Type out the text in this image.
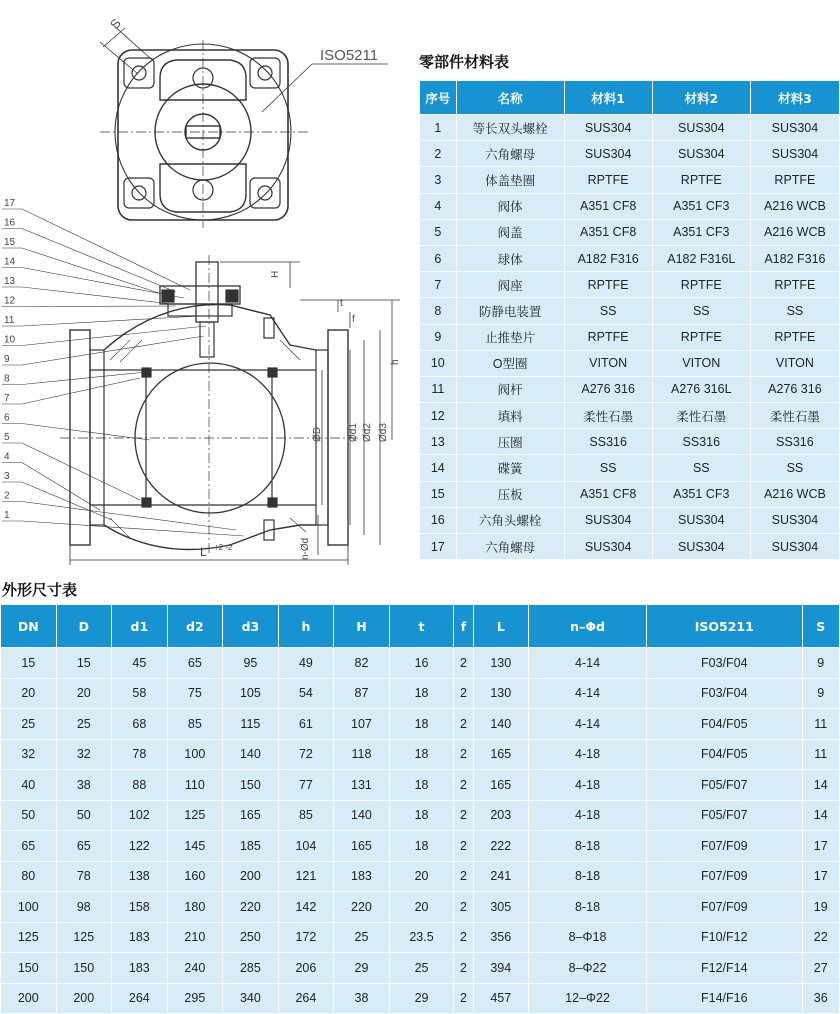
ISO5211
S
H
h
t
f
ØD	Ød1 Ød2 Ød3
n-Ød
L
17
16
15
14
13
12
11
10
9
8
7
6
5
4
3
2
1
+2 -2
零部件材料表
序号	名称	材料1	材料2	材料3
1	等长双头螺栓	SUS304	SUS304	SUS304
2	六角螺母	SUS304	SUS304	SUS304
3	体盖垫圈	RPTFE	RPTFE	RPTFE
4	阀体	A351 CF8	A351 CF3	A216 WCB
5	阀盖	A351 CF8	A351 CF3	A216 WCB
6	球体	A182 F316	A182 F316L	A182 F316
7	阀座	RPTFE	RPTFE	RPTFE
8	防静电装置	SS	SS	SS
9	止推垫片	RPTFE	RPTFE	RPTFE
10	O型圈	VITON	VITON	VITON
11	阀杆	A276 316	A276 316L	A276 316
12	填料	柔性石墨	柔性石墨	柔性石墨
13	压圈	SS316	SS316	SS316
14	碟簧	SS	SS	SS
15	压板	A351 CF8	A351 CF3	A216 WCB
16	六角头螺栓	SUS304	SUS304	SUS304
17	六角螺母	SUS304	SUS304	SUS304
外形尺寸表
DN	D	d1	d2	d3	h	H	t	f	L	n–Φd	ISO5211	S
15	15	45	65	95	49	82	16	2	130	4-14	F03/F04	9
20	20	58	75	105	54	87	18	2	130	4-14	F03/F04	9
25	25	68	85	115	61	107	18	2	140	4-14	F04/F05	11
32	32	78	100	140	72	118	18	2	165	4-18	F04/F05	11
40	38	88	110	150	77	131	18	2	165	4-18	F05/F07	14
50	50	102	125	165	85	140	18	2	203	4-18	F05/F07	14
65	65	122	145	185	104	165	18	2	222	8-18	F07/F09	17
80	78	138	160	200	121	183	20	2	241	8-18	F07/F09	17
100	98	158	180	220	142	220	20	2	305	8-18	F07/F09	19
125	125	183	210	250	172	25	23.5	2	356	8–Φ18	F10/F12	22
150	150	183	240	285	206	29	25	2	394	8–Φ22	F12/F14	27
200	200	264	295	340	264	38	29	2	457	12–Φ22	F14/F16	36
